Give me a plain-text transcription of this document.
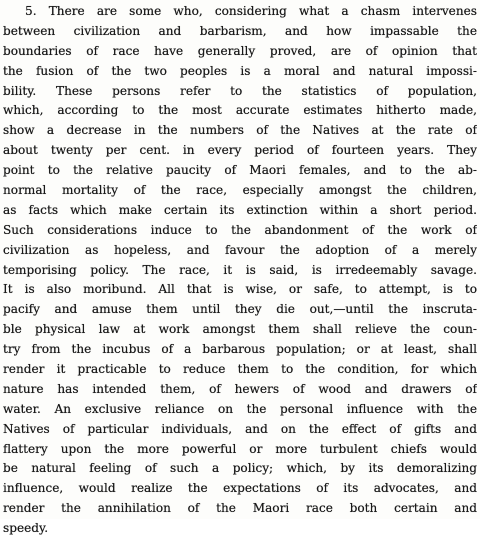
5. There are some who, considering what a chasm intervenes
between civilization and barbarism, and how impassable the
boundaries of race have generally proved, are of opinion that
the fusion of the two peoples is a moral and natural impossi-
bility. These persons refer to the statistics of population,
which, according to the most accurate estimates hitherto made,
show a decrease in the numbers of the Natives at the rate of
about twenty per cent. in every period of fourteen years. They
point to the relative paucity of Maori females, and to the ab-
normal mortality of the race, especially amongst the children,
as facts which make certain its extinction within a short period.
Such considerations induce to the abandonment of the work of
civilization as hopeless, and favour the adoption of a merely
temporising policy. The race, it is said, is irredeemably savage.
It is also moribund. All that is wise, or safe, to attempt, is to
pacify and amuse them until they die out,—until the inscruta-
ble physical law at work amongst them shall relieve the coun-
try from the incubus of a barbarous population; or at least, shall
render it practicable to reduce them to the condition, for which
nature has intended them, of hewers of wood and drawers of
water. An exclusive reliance on the personal influence with the
Natives of particular individuals, and on the effect of gifts and
flattery upon the more powerful or more turbulent chiefs would
be natural feeling of such a policy; which, by its demoralizing
influence, would realize the expectations of its advocates, and
render the annihilation of the Maori race both certain and
speedy.
